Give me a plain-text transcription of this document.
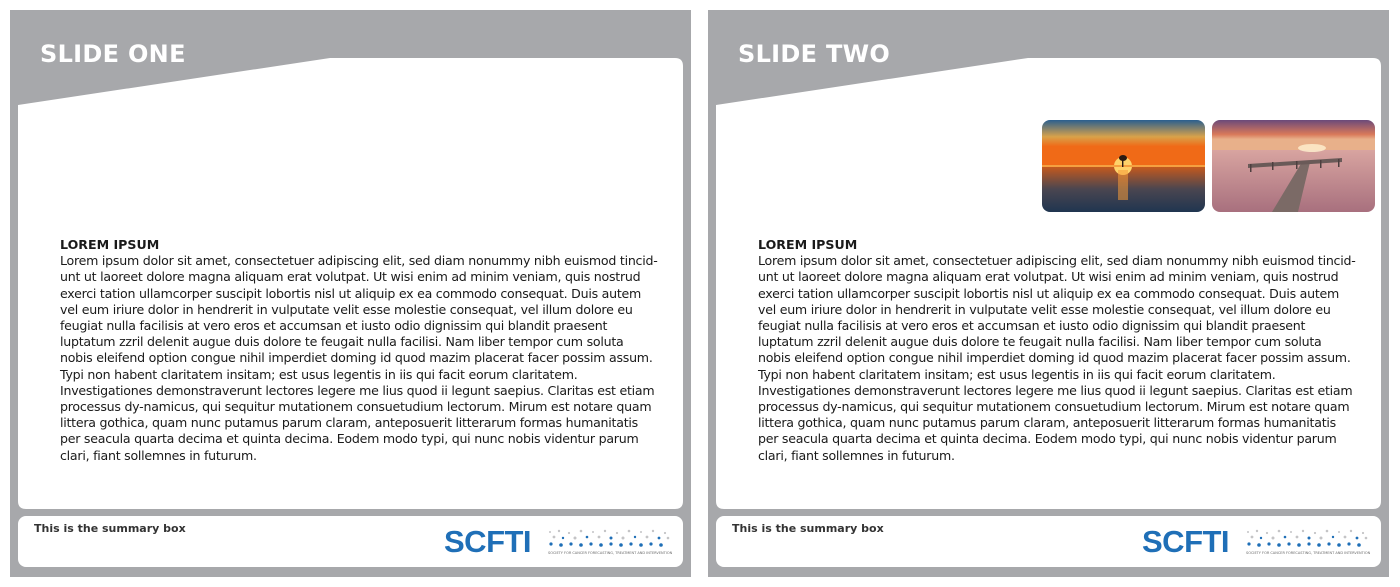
SLIDE ONE

LOREM IPSUM

Lorem ipsum dolor sit amet, consectetuer adipiscing elit, sed diam nonummy nibh euismod tincid-unt ut laoreet dolore magna aliquam erat volutpat. Ut wisi enim ad minim veniam, quis nostrud exerci tation ullamcorper suscipit lobortis nisl ut aliquip ex ea commodo consequat. Duis autem vel eum iriure dolor in hendrerit in vulputate velit esse molestie consequat, vel illum dolore eu feugiat nulla facilisis at vero eros et accumsan et iusto odio dignissim qui blandit praesent luptatum zzril delenit augue duis dolore te feugait nulla facilisi. Nam liber tempor cum soluta nobis eleifend option congue nihil imperdiet doming id quod mazim placerat facer possim assum. Typi non habent claritatem insitam; est usus legentis in iis qui facit eorum claritatem. Investigationes demonstraverunt lectores legere me lius quod ii legunt saepius. Claritas est etiam processus dy-namicus, qui sequitur mutationem consuetudium lectorum. Mirum est notare quam littera gothica, quam nunc putamus parum claram, anteposuerit litterarum formas humanitatis per seacula quarta decima et quinta decima. Eodem modo typi, qui nunc nobis videntur parum clari, fiant sollemnes in futurum.

This is the summary box	SCFTI	SOCIETY FOR CANCER FORECASTING, TREATMENT AND INTERVENTION
SLIDE TWO

LOREM IPSUM

Lorem ipsum dolor sit amet, consectetuer adipiscing elit, sed diam nonummy nibh euismod tincid-unt ut laoreet dolore magna aliquam erat volutpat. Ut wisi enim ad minim veniam, quis nostrud exerci tation ullamcorper suscipit lobortis nisl ut aliquip ex ea commodo consequat. Duis autem vel eum iriure dolor in hendrerit in vulputate velit esse molestie consequat, vel illum dolore eu feugiat nulla facilisis at vero eros et accumsan et iusto odio dignissim qui blandit praesent luptatum zzril delenit augue duis dolore te feugait nulla facilisi. Nam liber tempor cum soluta nobis eleifend option congue nihil imperdiet doming id quod mazim placerat facer possim assum. Typi non habent claritatem insitam; est usus legentis in iis qui facit eorum claritatem. Investigationes demonstraverunt lectores legere me lius quod ii legunt saepius. Claritas est etiam processus dy-namicus, qui sequitur mutationem consuetudium lectorum. Mirum est notare quam littera gothica, quam nunc putamus parum claram, anteposuerit litterarum formas humanitatis per seacula quarta decima et quinta decima. Eodem modo typi, qui nunc nobis videntur parum clari, fiant sollemnes in futurum.

This is the summary box	SCFTI	SOCIETY FOR CANCER FORECASTING, TREATMENT AND INTERVENTION
